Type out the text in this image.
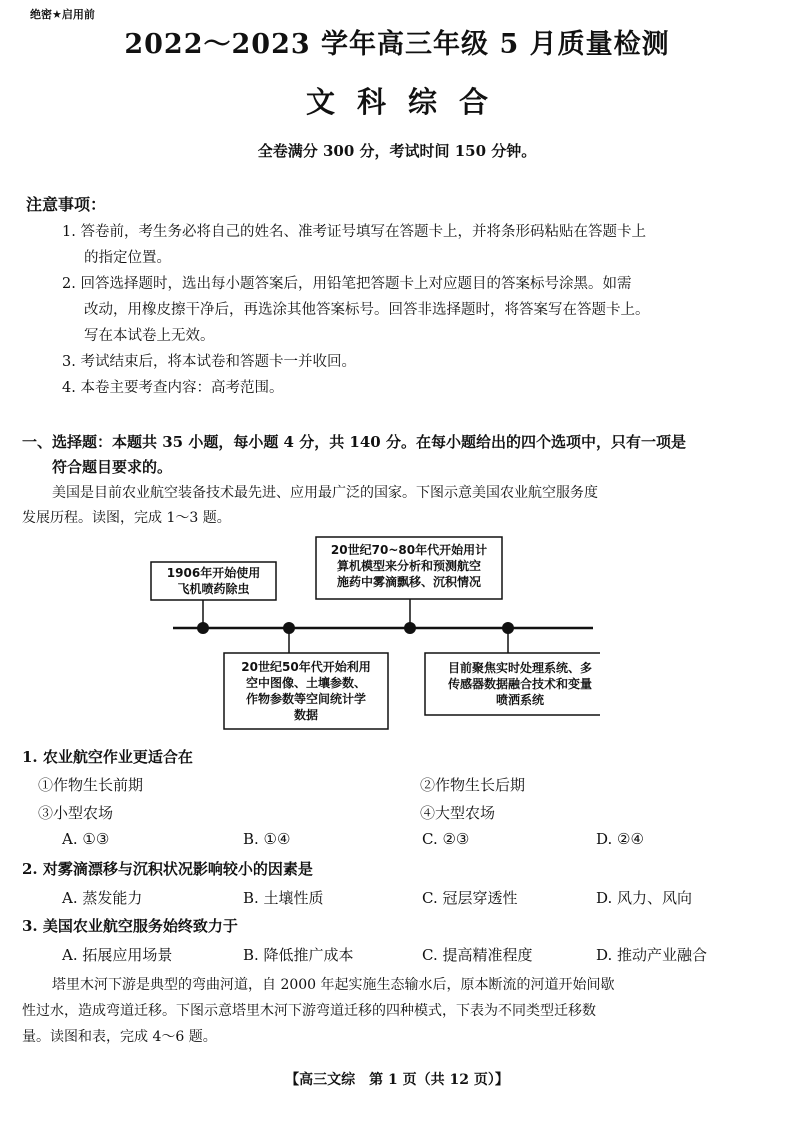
绝密★启用前
2022～2023 学年高三年级 5 月质量检测
文科综合
全卷满分 300 分，考试时间 150 分钟。
注意事项：
1. 答卷前，考生务必将自己的姓名、准考证号填写在答题卡上，并将条形码粘贴在答题卡上
的指定位置。
2. 回答选择题时，选出每小题答案后，用铅笔把答题卡上对应题目的答案标号涂黑。如需
改动，用橡皮擦干净后，再选涂其他答案标号。回答非选择题时，将答案写在答题卡上。
写在本试卷上无效。
3. 考试结束后，将本试卷和答题卡一并收回。
4. 本卷主要考查内容：高考范围。
一、选择题：本题共 35 小题，每小题 4 分，共 140 分。在每小题给出的四个选项中，只有一项是
符合题目要求的。
美国是目前农业航空装备技术最先进、应用最广泛的国家。下图示意美国农业航空服务度
发展历程。读图，完成 1～3 题。
1906年开始使用
飞机喷药除虫
20世纪50年代开始利用
空中图像、土壤参数、
作物参数等空间统计学
数据
20世纪70~80年代开始用计
算机模型来分析和预测航空
施药中雾滴飘移、沉积情况
目前聚焦实时处理系统、多
传感器数据融合技术和变量
喷洒系统
1. 农业航空作业更适合在
①作物生长前期	②作物生长后期
③小型农场	④大型农场
A. ①③	B. ①④	C. ②③	D. ②④
2. 对雾滴漂移与沉积状况影响较小的因素是
A. 蒸发能力	B. 土壤性质	C. 冠层穿透性	D. 风力、风向
3. 美国农业航空服务始终致力于
A. 拓展应用场景	B. 降低推广成本	C. 提高精准程度	D. 推动产业融合
塔里木河下游是典型的弯曲河道，自 2000 年起实施生态输水后，原本断流的河道开始间歇
性过水，造成弯道迁移。下图示意塔里木河下游弯道迁移的四种模式，下表为不同类型迁移数
量。读图和表，完成 4～6 题。
【高三文综　第 1 页（共 12 页）】
